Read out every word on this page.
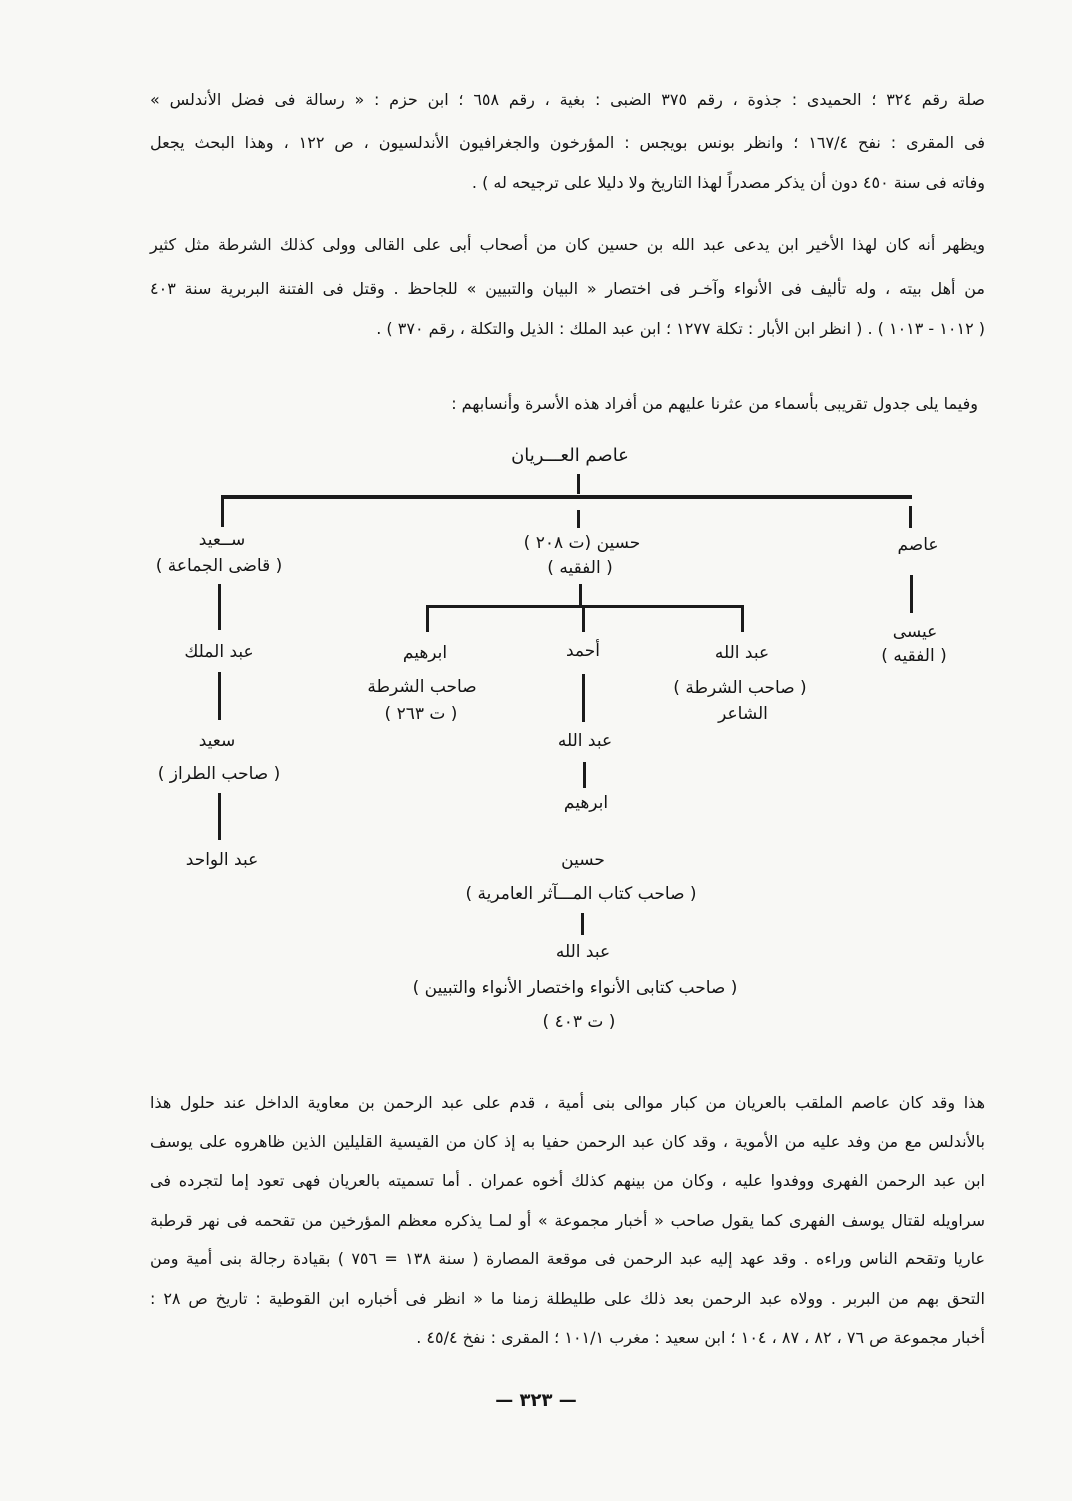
صلة رقم ٣٢٤ ؛ الحميدى : جذوة ، رقم ٣٧٥ الضبى : بغية ، رقم ٦٥٨ ؛ ابن حزم : « رسالة فى فضل الأندلس »
فى المقرى : نفح ١٦٧/٤ ؛ وانظر بونس بويجس : المؤرخون والجغرافيون الأندلسيون ، ص ١٢٢ ، وهذا البحث يجعل
وفاته فى سنة ٤٥٠ دون أن يذكر مصدراً لهذا التاريخ ولا دليلا على ترجيحه له ) .
ويظهر أنه كان لهذا الأخير ابن يدعى عبد الله بن حسين كان من أصحاب أبى على القالى وولى كذلك الشرطة مثل كثير
من أهل بيته ، وله تأليف فى الأنواء وآخـر فى اختصار « البيان والتبيين » للجاحظ . وقتل فى الفتنة البربرية سنة ٤٠٣
( ١٠١٢ - ١٠١٣ ) . ( انظر ابن الأبار : تكلة ١٢٧٧ ؛ ابن عبد الملك : الذيل والتكلة ، رقم ٣٧٠ ) .
وفيما يلى جدول تقريبى بأسماء من عثرنا عليهم من أفراد هذه الأسرة وأنسابهم :
عاصم العـــريان
ســعيد
( قاضى الجماعة )
عبد الملك
سعيد
( صاحب الطراز )
عبد الواحد
حسين (ت ٢٠٨ )
( الفقيه )
ابرهيم
صاحب الشرطة
( ت ٢٦٣ )
أحمد	عبد الله
( صاحب الشرطة )
الشاعر
عبد الله
ابرهيم
حسين
( صاحب كتاب المـــآثر العامرية )
عبد الله
( صاحب كتابى الأنواء واختصار الأنواء والتبيين )
( ت ٤٠٣ )
عاصم
عيسى
( الفقيه )
هذا وقد كان عاصم الملقب بالعريان من كبار موالى بنى أمية ، قدم على عبد الرحمن بن معاوية الداخل عند حلول هذا
بالأندلس مع من وفد عليه من الأموية ، وقد كان عبد الرحمن حفيا به إذ كان من القيسية القليلين الذين ظاهروه على يوسف
ابن عبد الرحمن الفهرى ووفدوا عليه ، وكان من بينهم كذلك أخوه عمران . أما تسميته بالعريان فهى تعود إما لتجرده فى
سراويله لقتال يوسف الفهرى كما يقول صاحب « أخبار مجموعة » أو لمـا يذكره معظم المؤرخين من تقحمه فى نهر قرطبة
عاريا وتقحم الناس وراءه . وقد عهد إليه عبد الرحمن فى موقعة المصارة ( سنة ١٣٨ = ٧٥٦ ) بقيادة رجالة بنى أمية ومن
التحق بهم من البربر . وولاه عبد الرحمن بعد ذلك على طليطلة زمنا ما « انظر فى أخباره ابن القوطية : تاريخ ص ٢٨ :
أخبار مجموعة ص ٧٦ ، ٨٢ ، ٨٧ ، ١٠٤ ؛ ابن سعيد : مغرب ١٠١/١ ؛ المقرى : نفخ ٤٥/٤ .
— ٣٢٣ —
